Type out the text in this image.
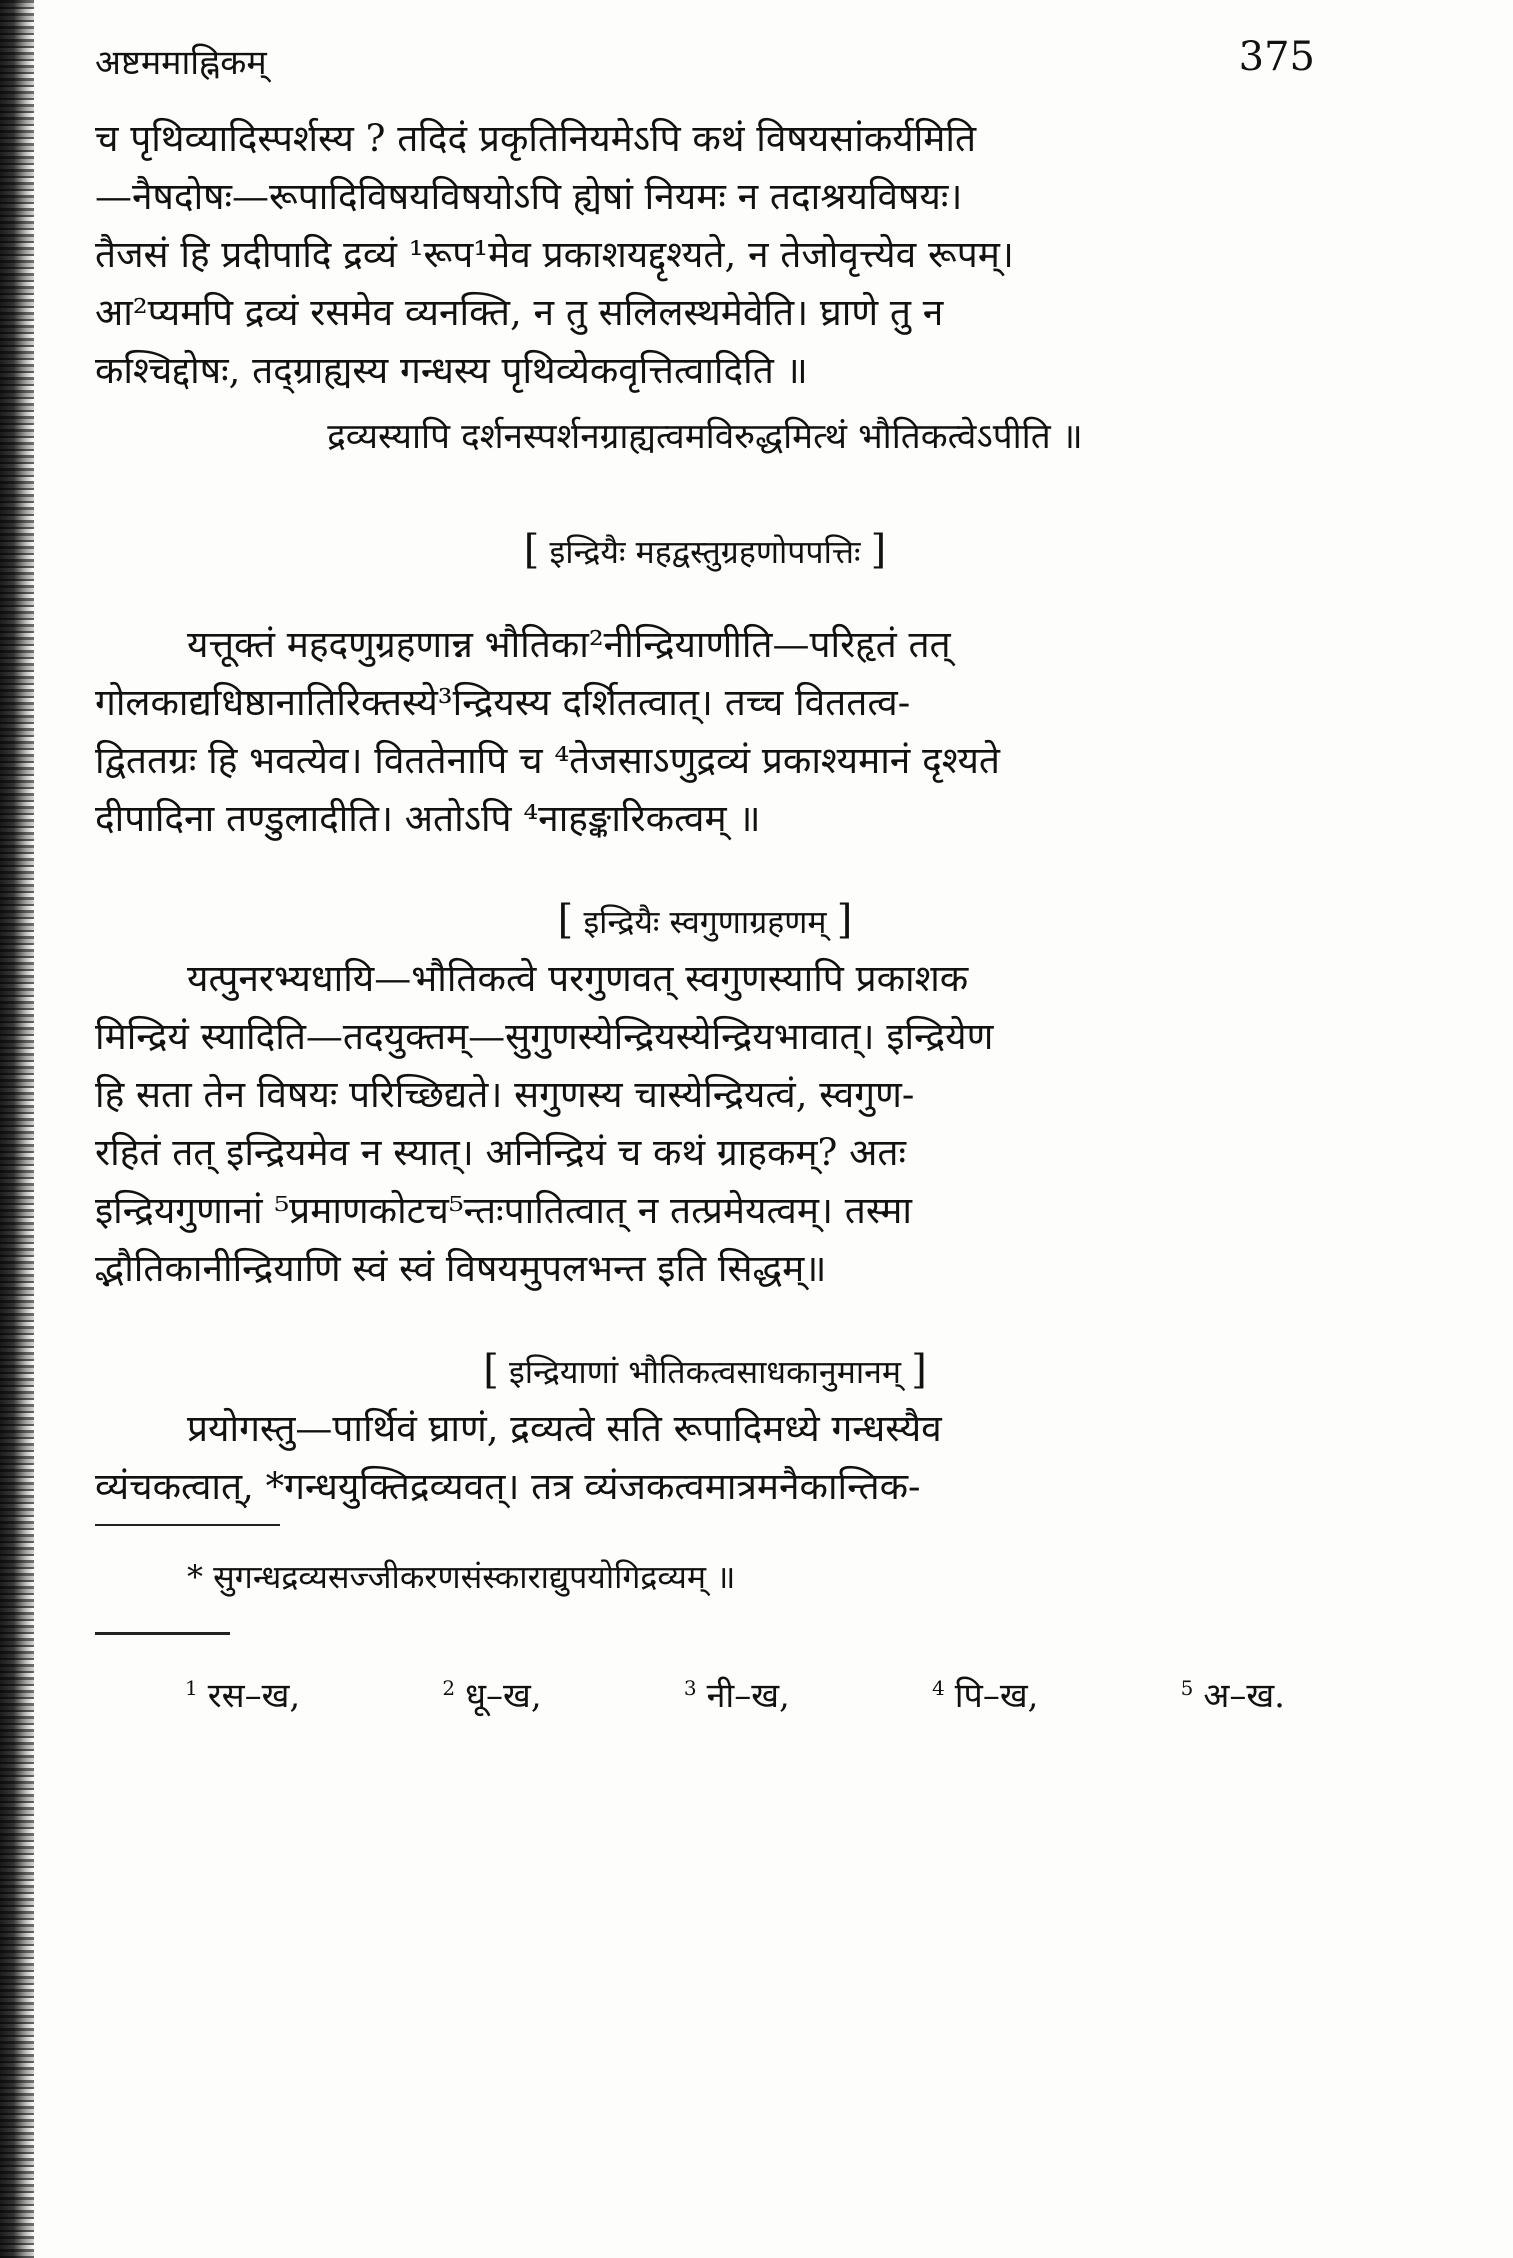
अष्टममाह्निकम्	375

च पृथिव्यादिस्पर्शस्य ? तदिदं प्रकृतिनियमेऽपि कथं विषयसांकर्यमिति

—नैषदोषः—रूपादिविषयविषयोऽपि ह्येषां नियमः न तदाश्रयविषयः।

तैजसं हि प्रदीपादि द्रव्यं ¹रूप¹मेव प्रकाशयद्दृश्यते, न तेजोवृत्त्येव रूपम्।

आ²प्यमपि द्रव्यं रसमेव व्यनक्ति, न तु सलिलस्थमेवेति। घ्राणे तु न

कश्चिद्दोषः, तद्ग्राह्यस्य गन्धस्य पृथिव्येकवृत्तित्वादिति ॥

द्रव्यस्यापि दर्शनस्पर्शनग्राह्यत्वमविरुद्धमित्थं भौतिकत्वेऽपीति ॥

[ इन्द्रियैः महद्वस्तुग्रहणोपपत्तिः ]

यत्तूक्तं महदणुग्रहणान्न भौतिका²नीन्द्रियाणीति—परिहृतं तत्

गोलकाद्यधिष्ठानातिरिक्तस्ये³न्द्रियस्य दर्शितत्वात्। तच्च विततत्व-

द्विततग्रः हि भवत्येव। विततेनापि च ⁴तेजसाऽणुद्रव्यं प्रकाश्यमानं दृश्यते

दीपादिना तण्डुलादीति। अतोऽपि ⁴नाहङ्कारिकत्वम् ॥

[ इन्द्रियैः स्वगुणाग्रहणम् ]

यत्पुनरभ्यधायि—भौतिकत्वे परगुणवत् स्वगुणस्यापि प्रकाशक

मिन्द्रियं स्यादिति—तदयुक्तम्—सुगुणस्येन्द्रियस्येन्द्रियभावात्। इन्द्रियेण

हि सता तेन विषयः परिच्छिद्यते। सगुणस्य चास्येन्द्रियत्वं, स्वगुण-

रहितं तत् इन्द्रियमेव न स्यात्। अनिन्द्रियं च कथं ग्राहकम्? अतः

इन्द्रियगुणानां ⁵प्रमाणकोटच⁵न्तःपातित्वात् न तत्प्रमेयत्वम्। तस्मा

द्भौतिकानीन्द्रियाणि स्वं स्वं विषयमुपलभन्त इति सिद्धम्॥

[ इन्द्रियाणां भौतिकत्वसाधकानुमानम् ]

प्रयोगस्तु—पार्थिवं घ्राणं, द्रव्यत्वे सति रूपादिमध्ये गन्धस्यैव

व्यंचकत्वात्, *गन्धयुक्तिद्रव्यवत्। तत्र व्यंजकत्वमात्रमनैकान्तिक-

* सुगन्धद्रव्यसज्जीकरणसंस्काराद्युपयोगिद्रव्यम् ॥

$^1$ रस–ख,	$^2$ धू–ख,	$^3$ नी–ख,	$^4$ पि–ख,	$^5$ अ–ख.
